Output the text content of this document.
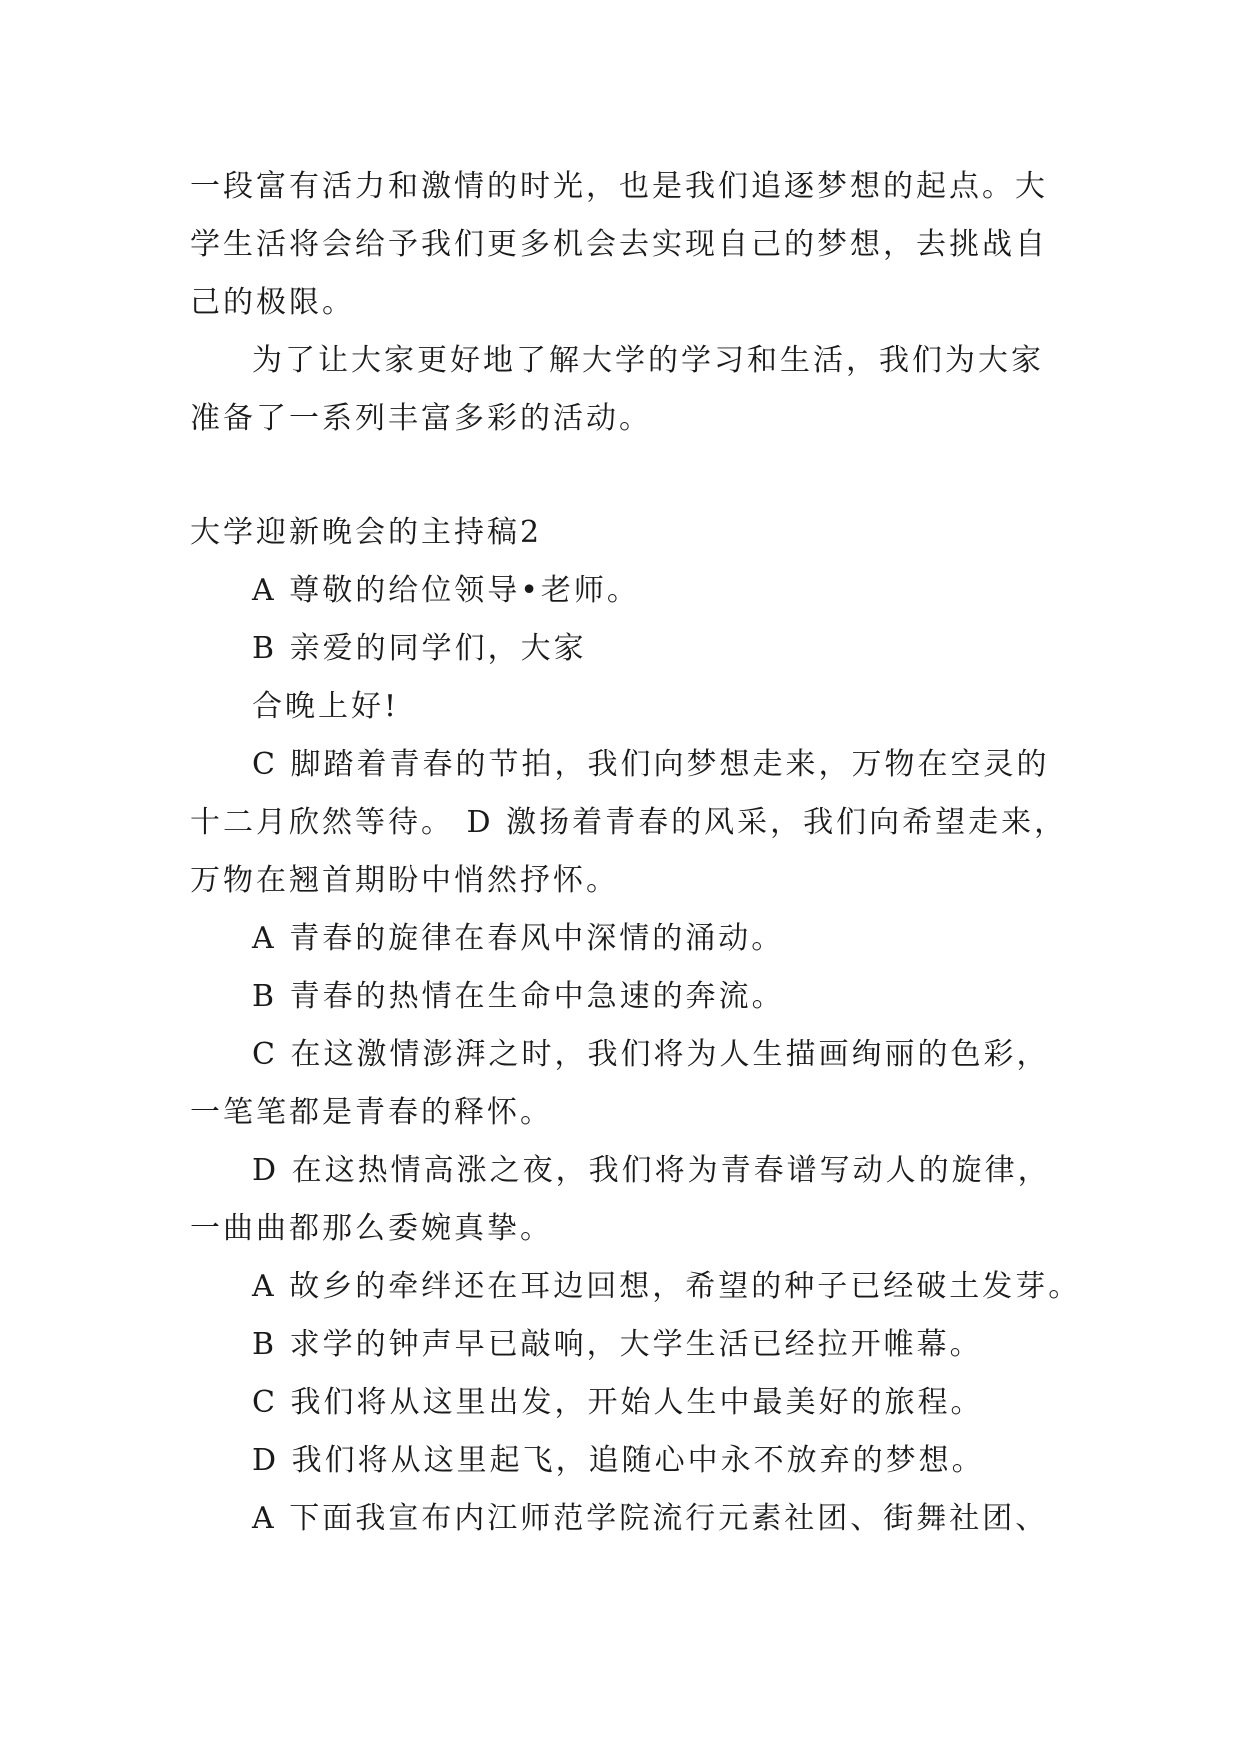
一段富有活力和激情的时光，也是我们追逐梦想的起点。大
学生活将会给予我们更多机会去实现自己的梦想，去挑战自
己的极限。
为了让大家更好地了解大学的学习和生活，我们为大家
准备了一系列丰富多彩的活动。
大学迎新晚会的主持稿2
A 尊敬的给位领导•老师。
B 亲爱的同学们，大家
合晚上好!
C 脚踏着青春的节拍，我们向梦想走来，万物在空灵的
十二月欣然等待。 D 激扬着青春的风采，我们向希望走来，
万物在翘首期盼中悄然抒怀。
A 青春的旋律在春风中深情的涌动。
B 青春的热情在生命中急速的奔流。
C 在这激情澎湃之时，我们将为人生描画绚丽的色彩，
一笔笔都是青春的释怀。
D 在这热情高涨之夜，我们将为青春谱写动人的旋律，
一曲曲都那么委婉真挚。
A 故乡的牵绊还在耳边回想，希望的种子已经破土发芽。
B 求学的钟声早已敲响，大学生活已经拉开帷幕。
C 我们将从这里出发，开始人生中最美好的旅程。
D 我们将从这里起飞，追随心中永不放弃的梦想。
A 下面我宣布内江师范学院流行元素社团、街舞社团、
